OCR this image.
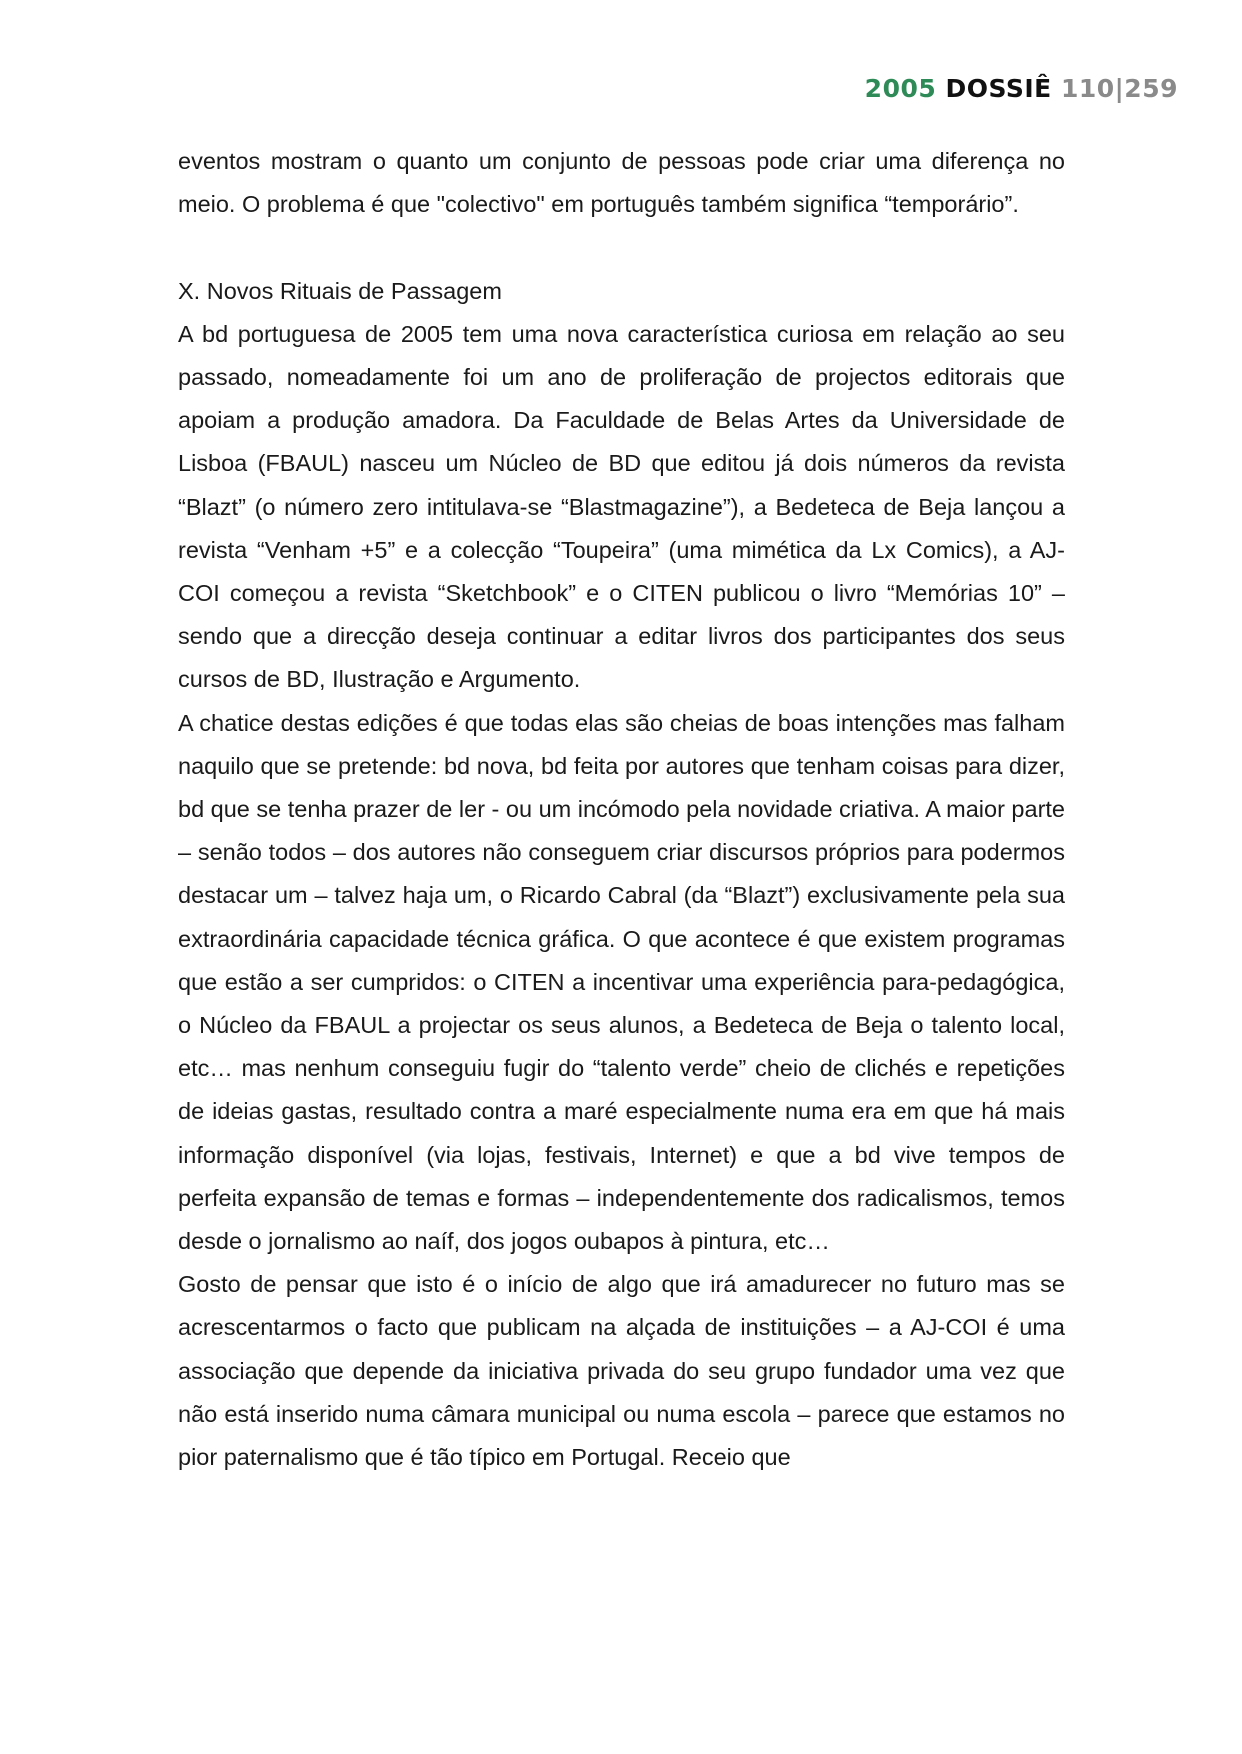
2005 DOSSIÊ 110|259

eventos mostram o quanto um conjunto de pessoas pode criar uma diferença no meio. O problema é que "colectivo" em português também significa “temporário”.

X. Novos Rituais de Passagem

A bd portuguesa de 2005 tem uma nova característica curiosa em relação ao seu passado, nomeadamente foi um ano de proliferação de projectos editorais que apoiam a produção amadora. Da Faculdade de Belas Artes da Universidade de Lisboa (FBAUL) nasceu um Núcleo de BD que editou já dois números da revista “Blazt” (o número zero intitulava-se “Blastmagazine”), a Bedeteca de Beja lançou a revista “Venham +5” e a colecção “Toupeira” (uma mimética da Lx Comics), a AJ-COI começou a revista “Sketchbook” e o CITEN publicou o livro “Memórias 10” – sendo que a direcção deseja continuar a editar livros dos participantes dos seus cursos de BD, Ilustração e Argumento.

A chatice destas edições é que todas elas são cheias de boas intenções mas falham naquilo que se pretende: bd nova, bd feita por autores que tenham coisas para dizer, bd que se tenha prazer de ler - ou um incómodo pela novidade criativa. A maior parte – senão todos – dos autores não conseguem criar discursos próprios para podermos destacar um – talvez haja um, o Ricardo Cabral (da “Blazt”) exclusivamente pela sua extraordinária capacidade técnica gráfica. O que acontece é que existem programas que estão a ser cumpridos: o CITEN a incentivar uma experiência para-pedagógica, o Núcleo da FBAUL a projectar os seus alunos, a Bedeteca de Beja o talento local, etc… mas nenhum conseguiu fugir do “talento verde” cheio de clichés e repetições de ideias gastas, resultado contra a maré especialmente numa era em que há mais informação disponível (via lojas, festivais, Internet) e que a bd vive tempos de perfeita expansão de temas e formas – independentemente dos radicalismos, temos desde o jornalismo ao naíf, dos jogos oubapos à pintura, etc…

Gosto de pensar que isto é o início de algo que irá amadurecer no futuro mas se acrescentarmos o facto que publicam na alçada de instituições – a AJ-COI é uma associação que depende da iniciativa privada do seu grupo fundador uma vez que não está inserido numa câmara municipal ou numa escola – parece que estamos no pior paternalismo que é tão típico em Portugal. Receio que
